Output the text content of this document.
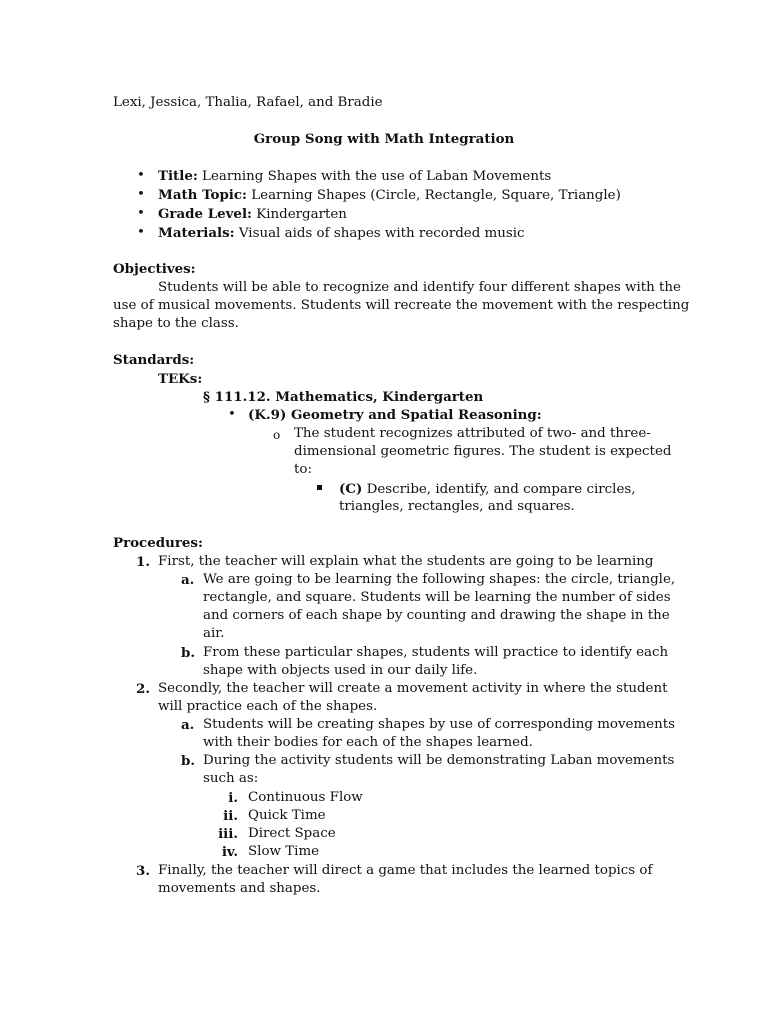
Lexi, Jessica, Thalia, Rafael, and Bradie
Group Song with Math Integration
• Title: Learning Shapes with the use of Laban Movements
• Math Topic: Learning Shapes (Circle, Rectangle, Square, Triangle)
• Grade Level: Kindergarten
• Materials: Visual aids of shapes with recorded music
Objectives:
Students will be able to recognize and identify four different shapes with the
use of musical movements. Students will recreate the movement with the respecting
shape to the class.
Standards:
TEKs:
§ 111.12. Mathematics, Kindergarten
• (K.9) Geometry and Spatial Reasoning:
o The student recognizes attributed of two- and three-
dimensional geometric figures. The student is expected
to:
(C) Describe, identify, and compare circles,
triangles, rectangles, and squares.
Procedures:
1. First, the teacher will explain what the students are going to be learning
a. We are going to be learning the following shapes: the circle, triangle,
rectangle, and square. Students will be learning the number of sides
and corners of each shape by counting and drawing the shape in the
air.
b. From these particular shapes, students will practice to identify each
shape with objects used in our daily life.
2. Secondly, the teacher will create a movement activity in where the student
will practice each of the shapes.
a. Students will be creating shapes by use of corresponding movements
with their bodies for each of the shapes learned.
b. During the activity students will be demonstrating Laban movements
such as:
i. Continuous Flow
ii. Quick Time
iii. Direct Space
iv. Slow Time
3. Finally, the teacher will direct a game that includes the learned topics of
movements and shapes.
